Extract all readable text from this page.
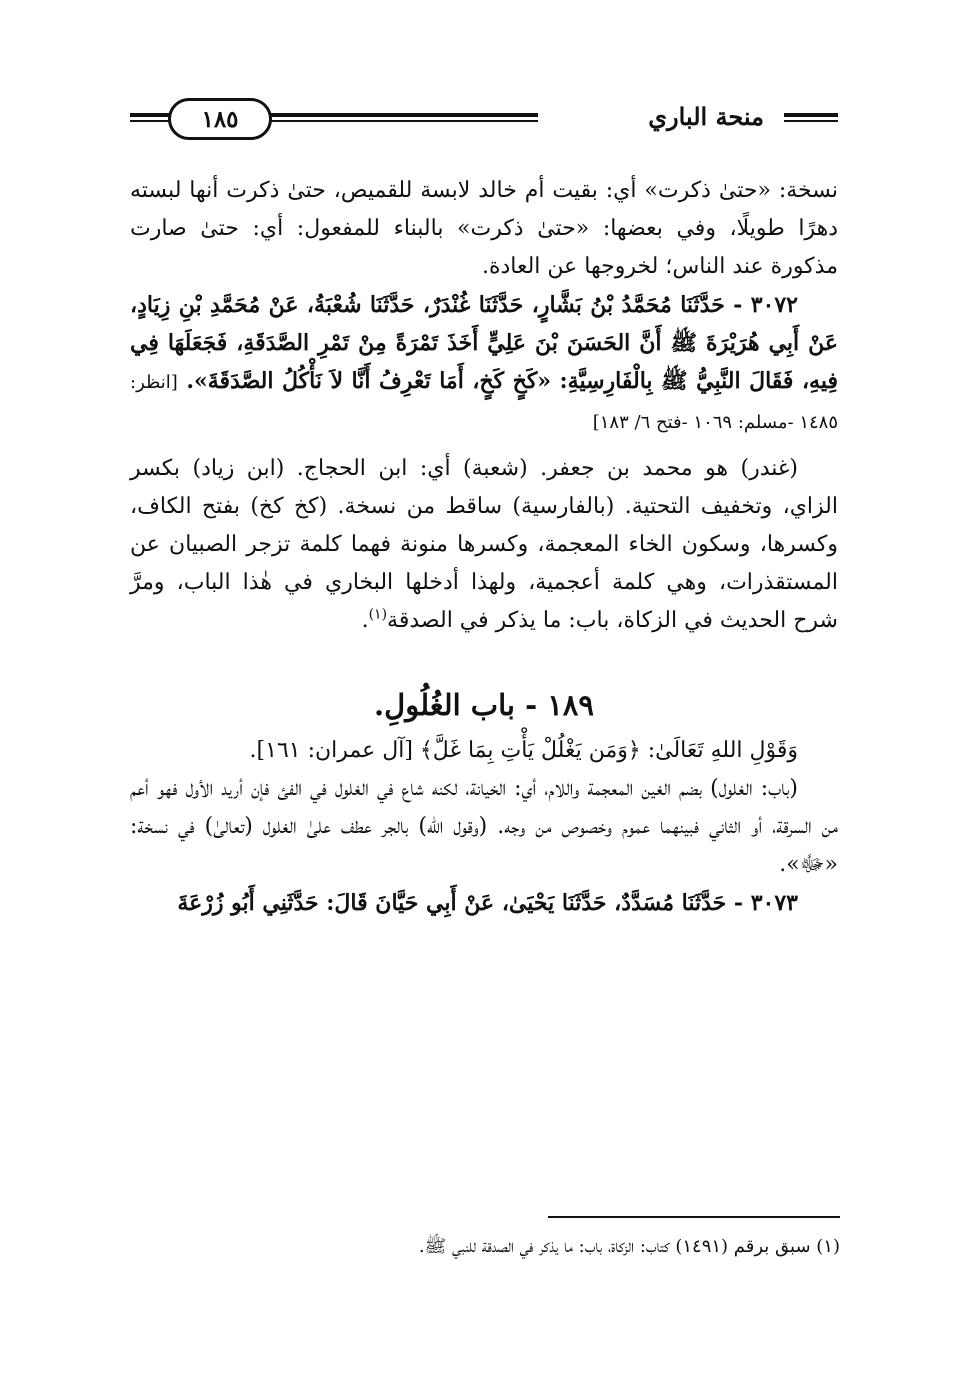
منحة الباري
١٨٥

نسخة: «حتىٰ ذكرت» أي: بقيت أم خالد لابسة للقميص، حتىٰ ذكرت أنها لبسته دهرًا طويلًا، وفي بعضها: «حتىٰ ذكرت» بالبناء للمفعول: أي: حتىٰ صارت مذكورة عند الناس؛ لخروجها عن العادة.

٣٠٧٢ - حَدَّثَنَا مُحَمَّدُ بْنُ بَشَّارٍ، حَدَّثَنَا غُنْدَرٌ، حَدَّثَنَا شُعْبَةُ، عَنْ مُحَمَّدِ بْنِ زِيَادٍ، عَنْ أَبِي هُرَيْرَةَ ﷺ أَنَّ الحَسَنَ بْنَ عَلِيٍّ أَخَذَ تَمْرَةً مِنْ تَمْرِ الصَّدَقَةِ، فَجَعَلَهَا فِي فِيهِ، فَقَالَ النَّبِيُّ ﷺ بِالْفَارِسِيَّةِ: «كَخٍ كَخٍ، أَمَا تَعْرِفُ أَنَّا لاَ نَأْكُلُ الصَّدَقَةَ». [انظر: ١٤٨٥ -مسلم: ١٠٦٩ -فتح ٦/ ١٨٣]

(غندر) هو محمد بن جعفر. (شعبة) أي: ابن الحجاج. (ابن زياد) بكسر الزاي، وتخفيف التحتية. (بالفارسية) ساقط من نسخة. (كخ كخ) بفتح الكاف، وكسرها، وسكون الخاء المعجمة، وكسرها منونة فهما كلمة تزجر الصبيان عن المستقذرات، وهي كلمة أعجمية، ولهذا أدخلها البخاري في هٰذا الباب، ومرَّ شرح الحديث في الزكاة، باب: ما يذكر في الصدقة$^{(١)}$.

١٨٩ - باب الغُلُولِ.

وَقَوْلِ اللهِ تَعَالَىٰ: ﴿وَمَن يَغْلُلْ يَأْتِ بِمَا غَلَّ﴾ [آل عمران: ١٦١].

(باب: الغلول) بضم الغين المعجمة واللام، أي: الخيانة، لكنه شاع في الغلول في الفئ فإن أريد الأول فهو أعم من السرقة، أو الثاني فبينهما عموم وخصوص من وجه. (وقول الله) بالجر عطف علىٰ الغلول (تعالىٰ) في نسخة: «ﷻ».

٣٠٧٣ - حَدَّثَنَا مُسَدَّدٌ، حَدَّثَنَا يَحْيَىٰ، عَنْ أَبِي حَيَّانَ قَالَ: حَدَّثَنِي أَبُو زُرْعَةَ

(١) سبق برقم (١٤٩١) كتاب: الزكاة، باب: ما يذكر في الصدقة للنبي ﷺ.
